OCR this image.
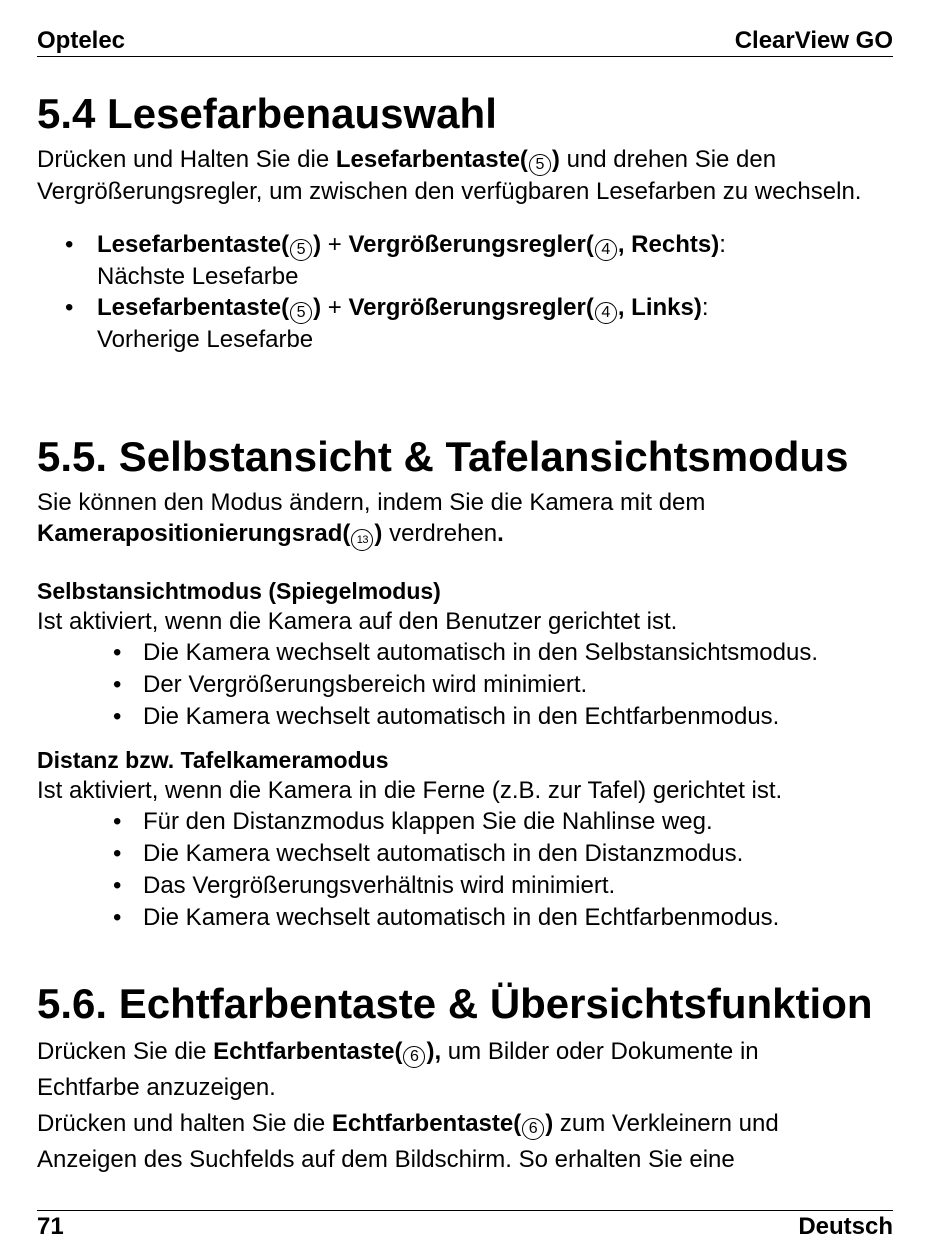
Optelec	ClearView GO
5.4 Lesefarbenauswahl

Drücken und Halten Sie die Lesefarbentaste( 5 ) und drehen Sie den
Vergrößerungsregler, um zwischen den verfügbaren Lesefarben zu wechseln.

• Lesefarbentaste( 5 ) + Vergrößerungsregler( 4 , Rechts):
Nächste Lesefarbe
• Lesefarbentaste( 5 ) + Vergrößerungsregler( 4 , Links):
Vorherige Lesefarbe
5.5. Selbstansicht & Tafelansichtsmodus

Sie können den Modus ändern, indem Sie die Kamera mit dem
Kamerapositionierungsrad( 13 ) verdrehen.

Selbstansichtmodus (Spiegelmodus)

Ist aktiviert, wenn die Kamera auf den Benutzer gerichtet ist.

• Die Kamera wechselt automatisch in den Selbstansichtsmodus.
• Der Vergrößerungsbereich wird minimiert.
• Die Kamera wechselt automatisch in den Echtfarbenmodus.
Distanz bzw. Tafelkameramodus

Ist aktiviert, wenn die Kamera in die Ferne (z.B. zur Tafel) gerichtet ist.

• Für den Distanzmodus klappen Sie die Nahlinse weg.
• Die Kamera wechselt automatisch in den Distanzmodus.
• Das Vergrößerungsverhältnis wird minimiert.
• Die Kamera wechselt automatisch in den Echtfarbenmodus.
5.6. Echtfarbentaste & Übersichtsfunktion

Drücken Sie die Echtfarbentaste( 6 ), um Bilder oder Dokumente in
Echtfarbe anzuzeigen.

Drücken und halten Sie die Echtfarbentaste( 6 ) zum Verkleinern und
Anzeigen des Suchfelds auf dem Bildschirm. So erhalten Sie eine

71	Deutsch
